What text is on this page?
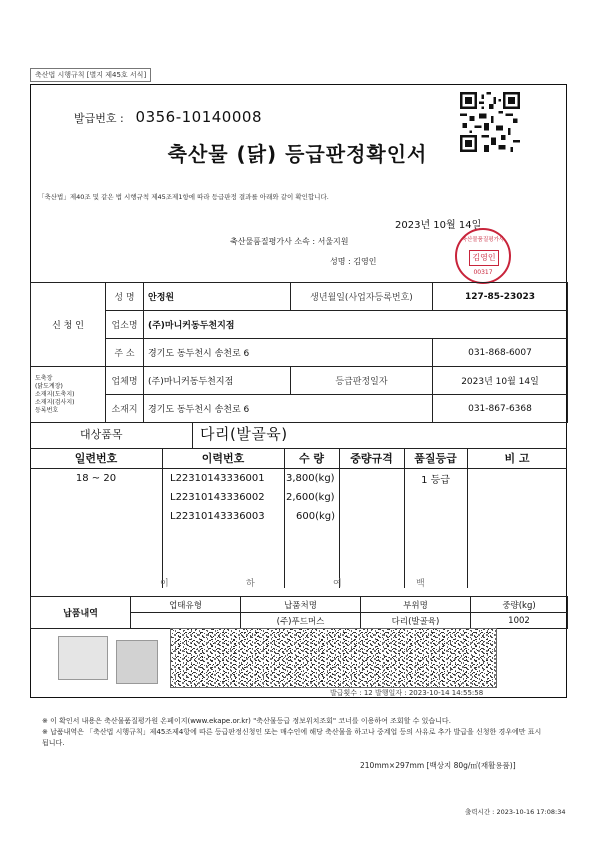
축산법 시행규칙 [별지 제45호 서식]
발급번호 : 0356-10140008
축산물 (닭) 등급판정확인서
「축산법」제40조 및 같은 법 시행규칙 제45조제1항에 따라 등급판정 결과를 아래와 같이 확인합니다.
2023년 10월 14일
축산물품질평가사 소속 : 서울지원
성명 : 김영인
축산물품질평가사
김영인
00317
신 청 인	성 명	안정원	생년월일(사업자등록번호)	127-85-23023
	업소명	(주)마니커동두천지점		
	주 소	경기도 동두천시 송천로 6		031-868-6007
도축장
(닭도계장)
소재지(도축지)
소재지(검사지)
등록번호	업체명	(주)마니커동두천지점	등급판정일자	2023년 10월 14일
	소재지	경기도 동두천시 송천로 6		031-867-6368
대상품목	다리(발골육)
일련번호	이력번호	수 량	중량규격	품질등급	비 고
18 ~ 20	L22310143336001	3,800(kg)		1 등급	
	L22310143336002	2,600(kg)			
	L22310143336003	600(kg)			
이	하	여	백
납품내역	업태유형	납품처명	부위명	중량(kg)
		(주)푸드머스	다리(발골육)	1002
발급횟수 : 12 발행일자 : 2023-10-14 14:55:58
※ 이 확인서 내용은 축산물품질평가원 온페이지(www.ekape.or.kr) "축산물등급 정보위치조회" 코너를 이용하여 조회할 수 있습니다.
※ 납품내역은 「축산법 시행규칙」제45조제4항에 따른 등급판정신청인 또는 매수인에 해당 축산물을 하고나 중계업 등의 사유로 추가 발급을 신청한 경우에만 표시됩니다.
210mm×297mm [백상지 80g/㎡(재활용품)]
출력시간 : 2023-10-16 17:08:34
